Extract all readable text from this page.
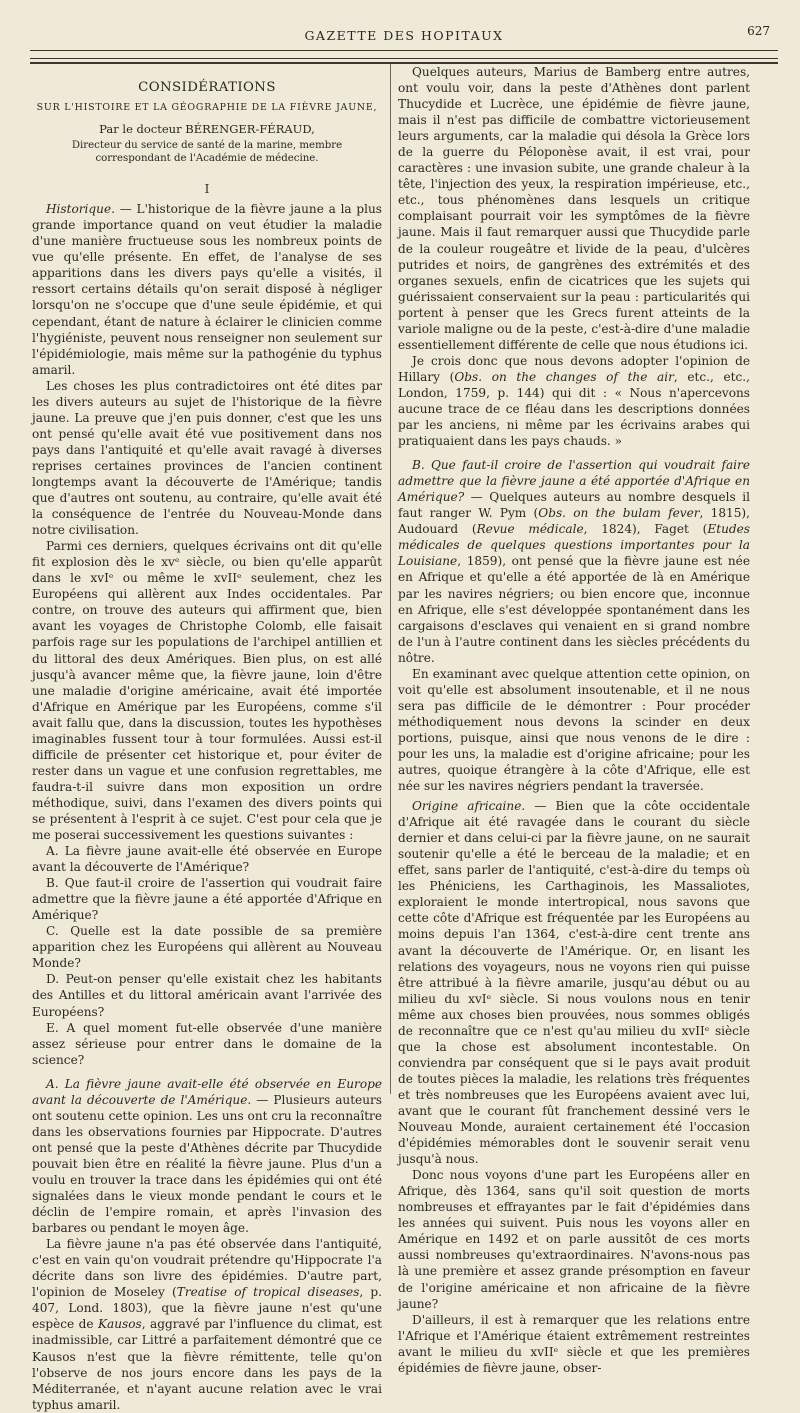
GAZETTE DES HOPITAUX	627

CONSIDÉRATIONS

SUR L'HISTOIRE ET LA GÉOGRAPHIE DE LA FIÈVRE JAUNE,

Par le docteur BÉRENGER-FÉRAUD,

Directeur du service de santé de la marine, membre correspondant de l'Académie de médecine.

I

Historique. — L'historique de la fièvre jaune a la plus grande importance quand on veut étudier la maladie d'une manière fructueuse sous les nombreux points de vue qu'elle présente. En effet, de l'analyse de ses apparitions dans les divers pays qu'elle a visités, il ressort certains détails qu'on serait disposé à négliger lorsqu'on ne s'occupe que d'une seule épidémie, et qui cependant, étant de nature à éclairer le clinicien comme l'hygiéniste, peuvent nous renseigner non seulement sur l'épidémiologie, mais même sur la pathogénie du typhus amaril.

Les choses les plus contradictoires ont été dites par les divers auteurs au sujet de l'historique de la fièvre jaune. La preuve que j'en puis donner, c'est que les uns ont pensé qu'elle avait été vue positivement dans nos pays dans l'antiquité et qu'elle avait ravagé à diverses reprises certaines provinces de l'ancien continent longtemps avant la découverte de l'Amérique; tandis que d'autres ont soutenu, au contraire, qu'elle avait été la conséquence de l'entrée du Nouveau-Monde dans notre civilisation.

Parmi ces derniers, quelques écrivains ont dit qu'elle fit explosion dès le xvᵉ siècle, ou bien qu'elle apparût dans le xvIᵉ ou même le xvIIᵉ seulement, chez les Européens qui allèrent aux Indes occidentales. Par contre, on trouve des auteurs qui affirment que, bien avant les voyages de Christophe Colomb, elle faisait parfois rage sur les populations de l'archipel antillien et du littoral des deux Amériques. Bien plus, on est allé jusqu'à avancer même que, la fièvre jaune, loin d'être une maladie d'origine américaine, avait été importée d'Afrique en Amérique par les Européens, comme s'il avait fallu que, dans la discussion, toutes les hypothèses imaginables fussent tour à tour formulées. Aussi est-il difficile de présenter cet historique et, pour éviter de rester dans un vague et une confusion regrettables, me faudra-t-il suivre dans mon exposition un ordre méthodique, suivi, dans l'examen des divers points qui se présentent à l'esprit à ce sujet. C'est pour cela que je me poserai successivement les questions suivantes :

A. La fièvre jaune avait-elle été observée en Europe avant la découverte de l'Amérique?

B. Que faut-il croire de l'assertion qui voudrait faire admettre que la fièvre jaune a été apportée d'Afrique en Amérique?

C. Quelle est la date possible de sa première apparition chez les Européens qui allèrent au Nouveau Monde?

D. Peut-on penser qu'elle existait chez les habitants des Antilles et du littoral américain avant l'arrivée des Européens?

E. A quel moment fut-elle observée d'une manière assez sérieuse pour entrer dans le domaine de la science?

A. La fièvre jaune avait-elle été observée en Europe avant la découverte de l'Amérique. — Plusieurs auteurs ont soutenu cette opinion. Les uns ont cru la reconnaître dans les observations fournies par Hippocrate. D'autres ont pensé que la peste d'Athènes décrite par Thucydide pouvait bien être en réalité la fièvre jaune. Plus d'un a voulu en trouver la trace dans les épidémies qui ont été signalées dans le vieux monde pendant le cours et le déclin de l'empire romain, et après l'invasion des barbares ou pendant le moyen âge.

La fièvre jaune n'a pas été observée dans l'antiquité, c'est en vain qu'on voudrait prétendre qu'Hippocrate l'a décrite dans son livre des épidémies. D'autre part, l'opinion de Moseley (Treatise of tropical diseases, p. 407, Lond. 1803), que la fièvre jaune n'est qu'une espèce de Kausos, aggravé par l'influence du climat, est inadmissible, car Littré a parfaitement démontré que ce Kausos n'est que la fièvre rémittente, telle qu'on l'observe de nos jours encore dans les pays de la Méditerranée, et n'ayant aucune relation avec le vrai typhus amaril.

Quelques auteurs, Marius de Bamberg entre autres, ont voulu voir, dans la peste d'Athènes dont parlent Thucydide et Lucrèce, une épidémie de fièvre jaune, mais il n'est pas difficile de combattre victorieusement leurs arguments, car la maladie qui désola la Grèce lors de la guerre du Péloponèse avait, il est vrai, pour caractères : une invasion subite, une grande chaleur à la tête, l'injection des yeux, la respiration impérieuse, etc., etc., tous phénomènes dans lesquels un critique complaisant pourrait voir les symptômes de la fièvre jaune. Mais il faut remarquer aussi que Thucydide parle de la couleur rougeâtre et livide de la peau, d'ulcères putrides et noirs, de gangrènes des extrémités et des organes sexuels, enfin de cicatrices que les sujets qui guérissaient conservaient sur la peau : particularités qui portent à penser que les Grecs furent atteints de la variole maligne ou de la peste, c'est-à-dire d'une maladie essentiellement différente de celle que nous étudions ici.

Je crois donc que nous devons adopter l'opinion de Hillary (Obs. on the changes of the air, etc., etc., London, 1759, p. 144) qui dit : « Nous n'apercevons aucune trace de ce fléau dans les descriptions données par les anciens, ni même par les écrivains arabes qui pratiquaient dans les pays chauds. »

B. Que faut-il croire de l'assertion qui voudrait faire admettre que la fièvre jaune a été apportée d'Afrique en Amérique? — Quelques auteurs au nombre desquels il faut ranger W. Pym (Obs. on the bulam fever, 1815), Audouard (Revue médicale, 1824), Faget (Etudes médicales de quelques questions importantes pour la Louisiane, 1859), ont pensé que la fièvre jaune est née en Afrique et qu'elle a été apportée de là en Amérique par les navires négriers; ou bien encore que, inconnue en Afrique, elle s'est développée spontanément dans les cargaisons d'esclaves qui venaient en si grand nombre de l'un à l'autre continent dans les siècles précédents du nôtre.

En examinant avec quelque attention cette opinion, on voit qu'elle est absolument insoutenable, et il ne nous sera pas difficile de le démontrer : Pour procéder méthodiquement nous devons la scinder en deux portions, puisque, ainsi que nous venons de le dire : pour les uns, la maladie est d'origine africaine; pour les autres, quoique étrangère à la côte d'Afrique, elle est née sur les navires négriers pendant la traversée.

Origine africaine. — Bien que la côte occidentale d'Afrique ait été ravagée dans le courant du siècle dernier et dans celui-ci par la fièvre jaune, on ne saurait soutenir qu'elle a été le berceau de la maladie; et en effet, sans parler de l'antiquité, c'est-à-dire du temps où les Phéniciens, les Carthaginois, les Massaliotes, exploraient le monde intertropical, nous savons que cette côte d'Afrique est fréquentée par les Européens au moins depuis l'an 1364, c'est-à-dire cent trente ans avant la découverte de l'Amérique. Or, en lisant les relations des voyageurs, nous ne voyons rien qui puisse être attribué à la fièvre amarile, jusqu'au début ou au milieu du xvIᵉ siècle. Si nous voulons nous en tenir même aux choses bien prouvées, nous sommes obligés de reconnaître que ce n'est qu'au milieu du xvIIᵉ siècle que la chose est absolument incontestable. On conviendra par conséquent que si le pays avait produit de toutes pièces la maladie, les relations très fréquentes et très nombreuses que les Européens avaient avec lui, avant que le courant fût franchement dessiné vers le Nouveau Monde, auraient certainement été l'occasion d'épidémies mémorables dont le souvenir serait venu jusqu'à nous.

Donc nous voyons d'une part les Européens aller en Afrique, dès 1364, sans qu'il soit question de morts nombreuses et effrayantes par le fait d'épidémies dans les années qui suivent. Puis nous les voyons aller en Amérique en 1492 et on parle aussitôt de ces morts aussi nombreuses qu'extraordinaires. N'avons-nous pas là une première et assez grande présomption en faveur de l'origine américaine et non africaine de la fièvre jaune?

D'ailleurs, il est à remarquer que les relations entre l'Afrique et l'Amérique étaient extrêmement restreintes avant le milieu du xvIIᵉ siècle et que les premières épidémies de fièvre jaune, obser-
